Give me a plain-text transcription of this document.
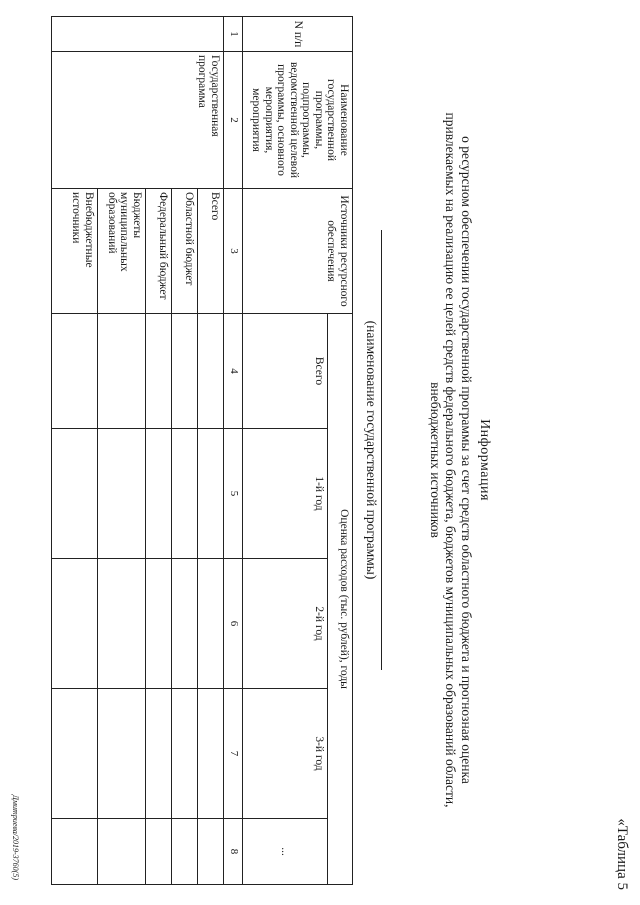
«Таблица 5
Информация
о ресурсном обеспечении государственной программы за счет средств областного бюджета и прогнозная оценка привлекаемых на реализацию ее целей средств федерального бюджета, бюджетов муниципальных образований области, внебюджетных источников
(наименование государственной программы)
N п/п	Наименование государственной программы, подпрограммы, ведомственной целевой программы, основного мероприятия, мероприятия	Источники ресурсного обеспечения	Оценка расходов (тыс. рублей), годы				
			Всего	1-й год	2-й год	3-й год	...
1	2	3	4	5	6	7	8
	Государственная программа	Всего					
		Областной бюджет					
		Федеральный бюджет					
		Бюджеты муниципальных образований					
		Внебюджетные источники					
Дмитриева/2019-3760(5)
